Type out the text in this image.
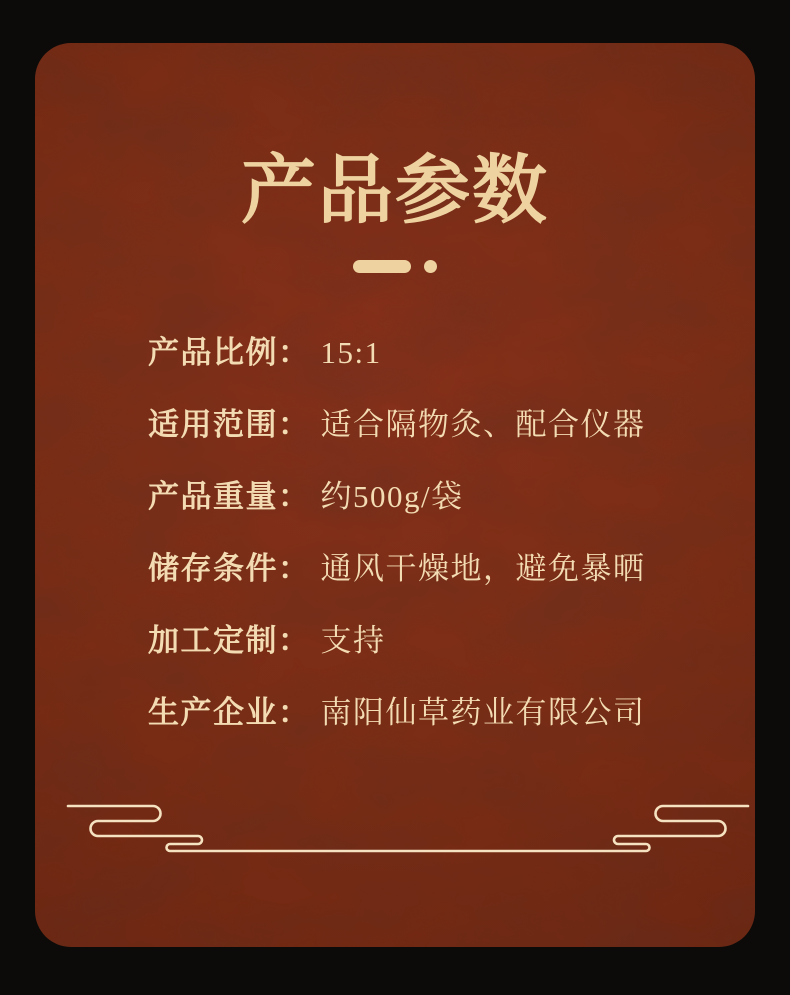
产品参数
产品比例： 15:1
适用范围： 适合隔物灸、配合仪器
产品重量： 约500g/袋
储存条件： 通风干燥地，避免暴晒
加工定制： 支持
生产企业： 南阳仙草药业有限公司
